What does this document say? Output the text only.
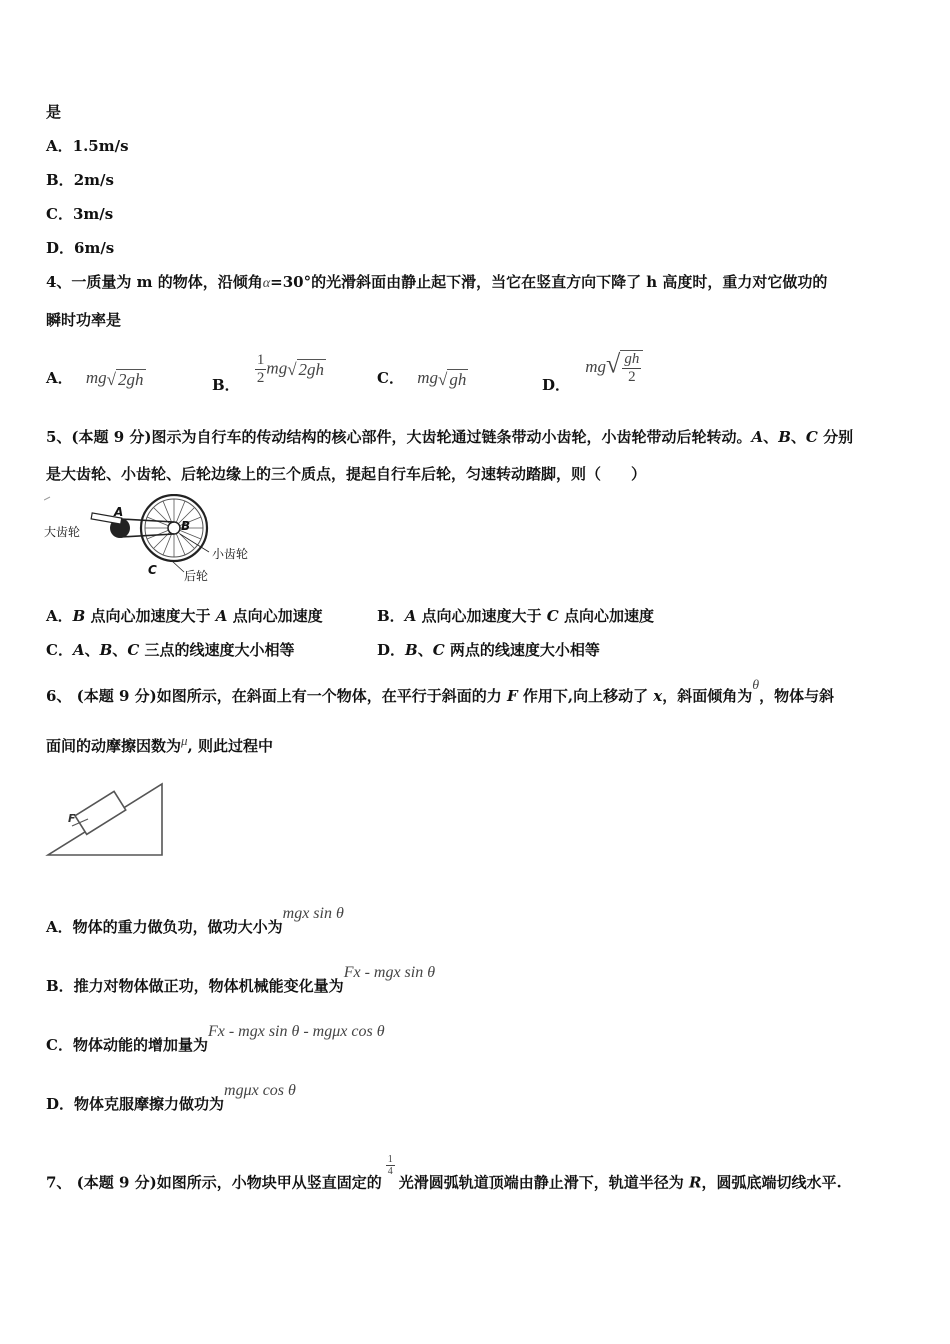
是
A．1.5m/s
B．2m/s
C．3m/s
D．6m/s
4、一质量为 m 的物体，沿倾角α=30°的光滑斜面由静止起下滑，当它在竖直方向下降了 h 高度时，重力对它做功的
瞬时功率是
A． mg√ 2gh	B． $\frac{1}{2} mg√$ 2gh	C． mg√ gh	D． $mg√ \frac{gh}{2}$
5、(本题 9 分)图示为自行车的传动结构的核心部件，大齿轮通过链条带动小齿轮，小齿轮带动后轮转动。A、B、C 分别
是大齿轮、小齿轮、后轮边缘上的三个质点，提起自行车后轮，匀速转动踏脚，则（　　）
大齿轮
A
B
小齿轮
C 后轮
A．B 点向心加速度大于 A 点向心加速度	B．A 点向心加速度大于 C 点向心加速度
C．A、B、C 三点的线速度大小相等	D．B、C 两点的线速度大小相等
6、 (本题 9 分)如图所示，在斜面上有一个物体，在平行于斜面的力 F 作用下,向上移动了 x，斜面倾角为θ，物体与斜
面间的动摩擦因数为μ, 则此过程中
F
A．物体的重力做负功，做功大小为mgx sin θ
B．推力对物体做正功，物体机械能变化量为Fx - mgx sin θ
C．物体动能的增加量为Fx - mgx sin θ - mgμx cos θ
D．物体克服摩擦力做功为mgμx cos θ
7、 (本题 9 分)如图所示，小物块甲从竖直固定的
$\frac{1}{4}$
光滑圆弧轨道顶端由静止滑下，轨道半径为 R，圆弧底端切线水平.
